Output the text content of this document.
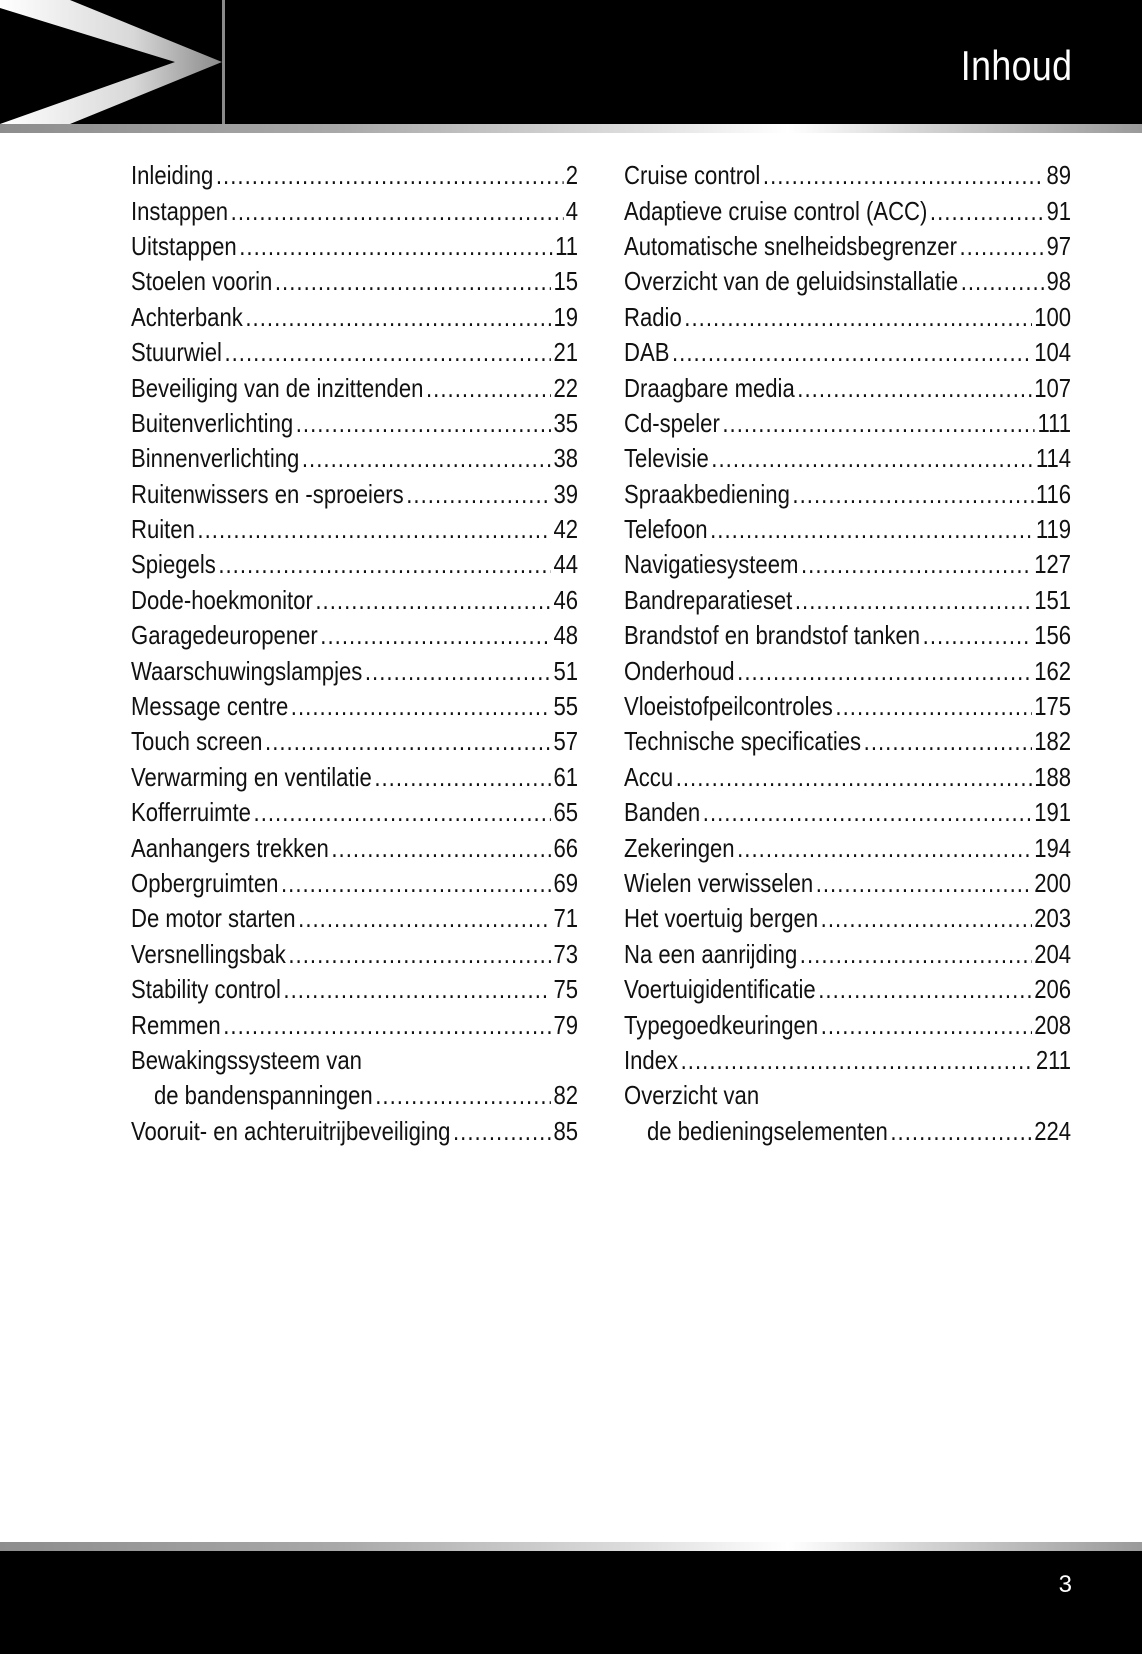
Inhoud
Inleiding . . .	2
Instappen . . .	4
Uitstappen . . .	11
Stoelen voorin . . .	15
Achterbank . . .	19
Stuurwiel . . .	21
Beveiliging van de inzittenden . . .	22
Buitenverlichting . . .	35
Binnenverlichting . . .	38
Ruitenwissers en -sproeiers . . .	39
Ruiten . . .	42
Spiegels . . .	44
Dode-hoekmonitor . . .	46
Garagedeuropener . . .	48
Waarschuwingslampjes . . .	51
Message centre . . .	55
Touch screen . . .	57
Verwarming en ventilatie . . .	61
Kofferruimte . . .	65
Aanhangers trekken . . .	66
Opbergruimten . . .	69
De motor starten . . .	71
Versnellingsbak . . .	73
Stability control . . .	75
Remmen . . .	79
Bewakingssysteem van
de bandenspanningen . . .	82
Vooruit- en achteruitrijbeveiliging . . .	85
Cruise control . . .	89
Adaptieve cruise control (ACC) . . .	91
Automatische snelheidsbegrenzer . . .	97
Overzicht van de geluidsinstallatie . . .	98
Radio . . .	100
DAB . . .	104
Draagbare media . . .	107
Cd-speler . . .	111
Televisie . . .	114
Spraakbediening . . .	116
Telefoon . . .	119
Navigatiesysteem . . .	127
Bandreparatieset . . .	151
Brandstof en brandstof tanken . . .	156
Onderhoud . . .	162
Vloeistofpeilcontroles . . .	175
Technische specificaties . . .	182
Accu . . .	188
Banden . . .	191
Zekeringen . . .	194
Wielen verwisselen . . .	200
Het voertuig bergen . . .	203
Na een aanrijding . . .	204
Voertuigidentificatie . . .	206
Typegoedkeuringen . . .	208
Index . . .	211
Overzicht van
de bedieningselementen . . .	224
3
